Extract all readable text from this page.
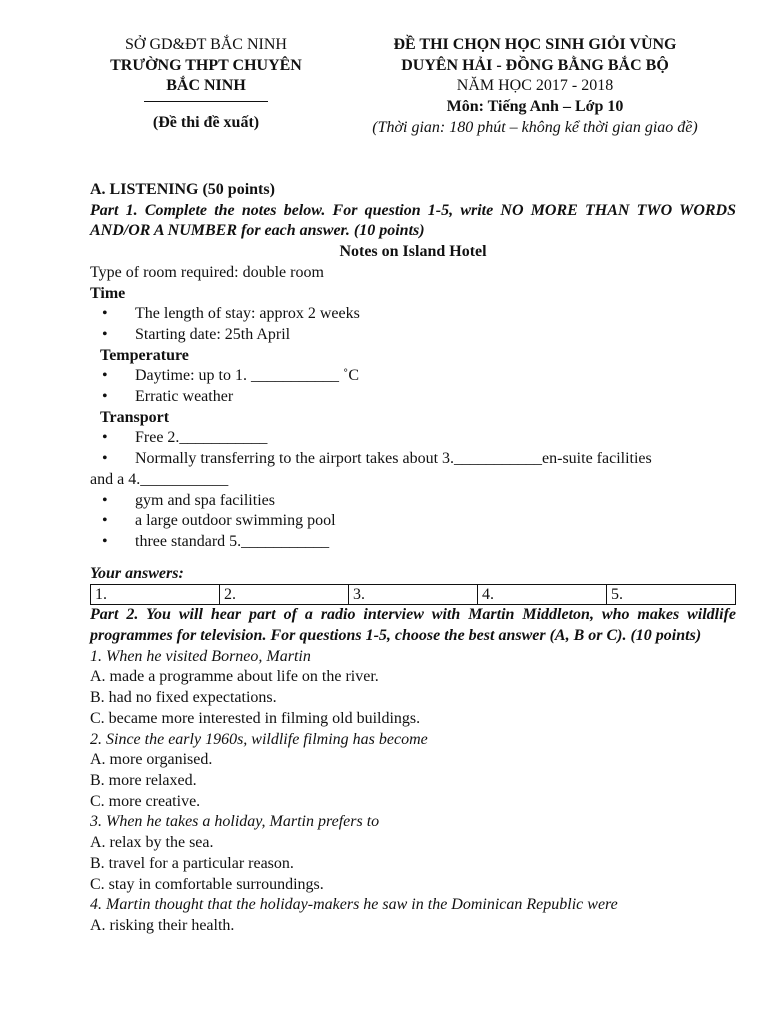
SỞ GD&ĐT BẮC NINH
TRƯỜNG THPT CHUYÊN
BẮC NINH
(Đề thi đề xuất)
ĐỀ THI CHỌN HỌC SINH GIỎI VÙNG
DUYÊN HẢI - ĐỒNG BẰNG BẮC BỘ
NĂM HỌC 2017 - 2018
Môn: Tiếng Anh – Lớp 10
(Thời gian: 180 phút – không kể thời gian giao đề)
A. LISTENING (50 points)
Part 1. Complete the notes below. For question 1-5, write NO MORE THAN TWO WORDS AND/OR A NUMBER for each answer. (10 points)
Notes on Island Hotel
Type of room required: double room
Time
• The length of stay: approx 2 weeks
• Starting date: 25th April
Temperature
• Daytime: up to 1. ___________ ˚C
• Erratic weather
Transport
• Free 2.___________
•	Normally transferring to the airport takes about 3.___________en-suite facilities
and a 4.___________
• gym and spa facilities
• a large outdoor swimming pool
• three standard 5.___________
Your answers:
1.	2.	3.	4.	5.
Part 2. You will hear part of a radio interview with Martin Middleton, who makes wildlife programmes for television. For questions 1-5, choose the best answer (A, B or C). (10 points)
1. When he visited Borneo, Martin
A. made a programme about life on the river.
B. had no fixed expectations.
C. became more interested in filming old buildings.
2. Since the early 1960s, wildlife filming has become
A. more organised.
B. more relaxed.
C. more creative.
3. When he takes a holiday, Martin prefers to
A. relax by the sea.
B. travel for a particular reason.
C. stay in comfortable surroundings.
4. Martin thought that the holiday-makers he saw in the Dominican Republic were
A. risking their health.
